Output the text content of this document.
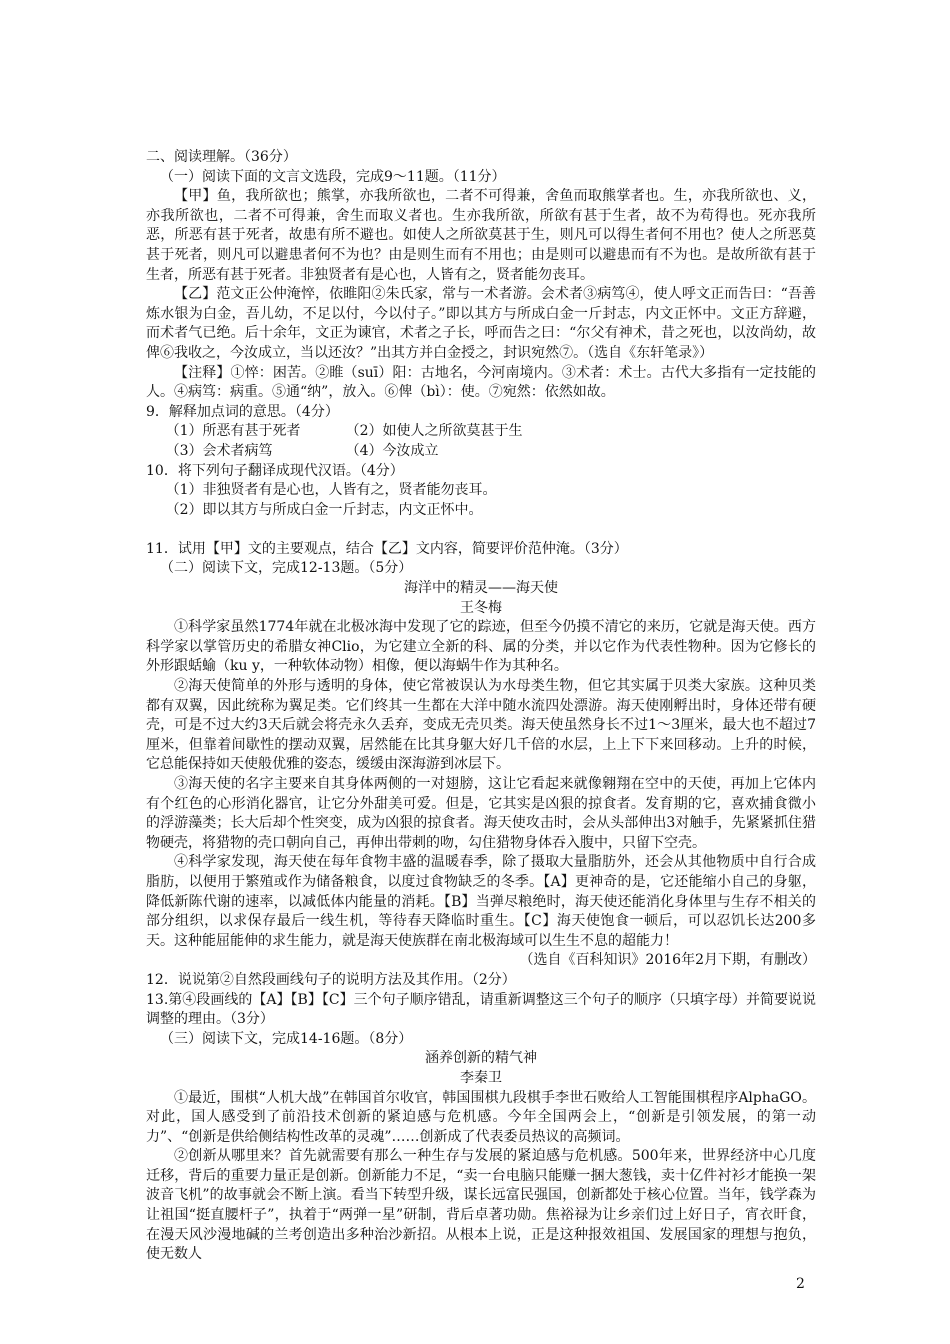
二、阅读理解。（36分）

（一）阅读下面的文言文选段，完成9～11题。（11分）

【甲】鱼，我所欲也；熊掌，亦我所欲也，二者不可得兼，舍鱼而取熊掌者也。生，亦我所欲也、义，亦我所欲也，二者不可得兼，舍生而取义者也。生亦我所欲，所欲有甚于生者，故不为苟得也。死亦我所恶，所恶有甚于死者，故患有所不避也。如使人之所欲莫甚于生，则凡可以得生者何不用也？使人之所恶莫甚于死者，则凡可以避患者何不为也？由是则生而有不用也；由是则可以避患而有不为也。是故所欲有甚于生者，所恶有甚于死者。非独贤者有是心也，人皆有之，贤者能勿丧耳。

【乙】范文正公仲淹悴，依睢阳②朱氏家，常与一术者游。会术者③病笃④，使人呼文正而告曰：“吾善炼水银为白金，吾儿幼，不足以付，今以付子。”即以其方与所成白金一斤封志，内文正怀中。文正方辞避，而术者气已绝。后十余年，文正为谏官，术者之子长，呼而告之曰：“尔父有神术，昔之死也，以汝尚幼，故俾⑥我收之，今汝成立，当以还汝？”出其方并白金授之，封识宛然⑦。（选自《东轩笔录》）

【注释】①悴：困苦。②睢（suī）阳：古地名，今河南境内。③术者：术士。古代大多指有一定技能的人。④病笃：病重。⑤通“纳”，放入。⑥俾（bì）：使。⑦宛然：依然如故。

9．解释加点词的意思。（4分）

（1）所恶有甚于死者	（2）如使人之所欲莫甚于生

（3）会术者病笃	（4）今汝成立

10．将下列句子翻译成现代汉语。（4分）

（1）非独贤者有是心也，人皆有之，贤者能勿丧耳。

（2）即以其方与所成白金一斤封志，内文正怀中。

11．试用【甲】文的主要观点，结合【乙】文内容，简要评价范仲淹。（3分）

（二）阅读下文，完成12-13题。（5分）

海洋中的精灵——海天使

王冬梅

①科学家虽然1774年就在北极冰海中发现了它的踪迹，但至今仍摸不清它的来历，它就是海天使。西方科学家以掌管历史的希腊女神Clio，为它建立全新的科、属的分类，并以它作为代表性物种。因为它修长的外形跟蛞蝓（ku y，一种软体动物）相像，便以海蜗牛作为其种名。

②海天使简单的外形与透明的身体，使它常被误认为水母类生物，但它其实属于贝类大家族。这种贝类都有双翼，因此统称为翼足类。它们终其一生都在大洋中随水流四处漂游。海天使刚孵出时，身体还带有硬壳，可是不过大约3天后就会将壳永久丢弃，变成无壳贝类。海天使虽然身长不过1～3厘米，最大也不超过7厘米，但靠着间歇性的摆动双翼，居然能在比其身躯大好几千倍的水层，上上下下来回移动。上升的时候，它总能保持如天使般优雅的姿态，缓缓由深海游到冰层下。

③海天使的名字主要来自其身体两侧的一对翅膀，这让它看起来就像翱翔在空中的天使，再加上它体内有个红色的心形消化器官，让它分外甜美可爱。但是，它其实是凶狠的掠食者。发育期的它，喜欢捕食微小的浮游藻类；长大后却个性突变，成为凶狠的掠食者。海天使攻击时，会从头部伸出3对触手，先紧紧抓住猎物硬壳，将猎物的壳口朝向自己，再伸出带刺的吻，勾住猎物身体吞入腹中，只留下空壳。

④科学家发现，海天使在每年食物丰盛的温暖春季，除了摄取大量脂肪外，还会从其他物质中自行合成脂肪，以便用于繁殖或作为储备粮食，以度过食物缺乏的冬季。【A】更神奇的是，它还能缩小自己的身躯，降低新陈代谢的速率，以减低体内能量的消耗。【B】当弹尽粮绝时，海天使还能消化身体里与生存不相关的部分组织，以求保存最后一线生机，等待春天降临时重生。【C】海天使饱食一顿后，可以忍饥长达200多天。这种能屈能伸的求生能力，就是海天使族群在南北极海域可以生生不息的超能力！

（选自《百科知识》2016年2月下期，有删改）

12．说说第②自然段画线句子的说明方法及其作用。（2分）

13.第④段画线的【A】【B】【C】三个句子顺序错乱，请重新调整这三个句子的顺序（只填字母）并简要说说调整的理由。（3分）

（三）阅读下文，完成14-16题。（8分）

涵养创新的精气神

李秦卫

①最近，围棋“人机大战”在韩国首尔收官，韩国围棋九段棋手李世石败给人工智能围棋程序AlphaGO。对此，国人感受到了前沿技术创新的紧迫感与危机感。今年全国两会上，“创新是引领发展，的第一动力”、“创新是供给侧结构性改革的灵魂”……创新成了代表委员热议的高频词。

②创新从哪里来？首先就需要有那么一种生存与发展的紧迫感与危机感。500年来，世界经济中心几度迁移，背后的重要力量正是创新。创新能力不足，“卖一台电脑只能赚一捆大葱钱，卖十亿件衬衫才能换一架波音飞机”的故事就会不断上演。看当下转型升级，谋长远富民强国，创新都处于核心位置。当年，钱学森为让祖国“挺直腰杆子”，执着于“两弹一星”研制，背后卓著功勋。焦裕禄为让乡亲们过上好日子，宵衣旰食，在漫天风沙漫地碱的兰考创造出多种治沙新招。从根本上说，正是这种报效祖国、发展国家的理想与抱负，使无数人

2
